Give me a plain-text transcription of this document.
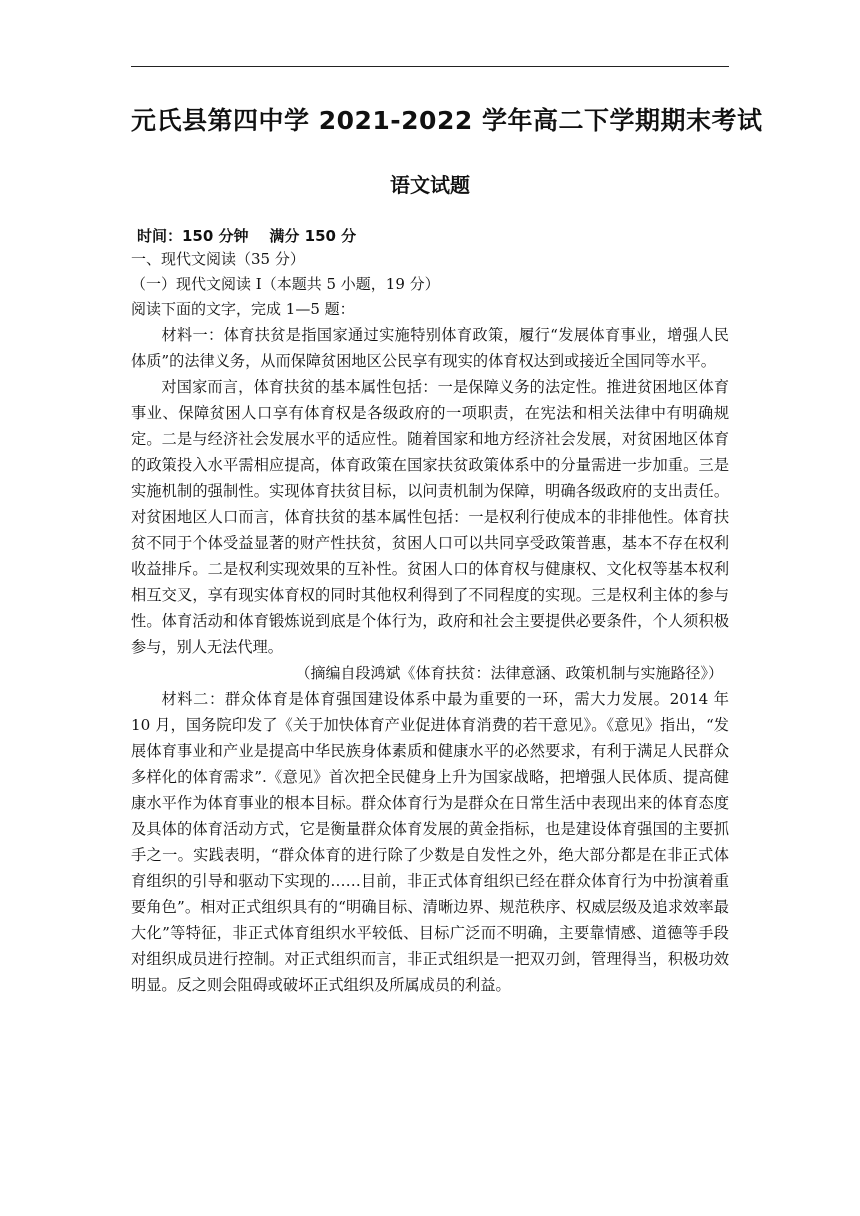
元氏县第四中学 2021-2022 学年高二下学期期末考试
语文试题
时间：150 分钟    满分 150 分
一、现代文阅读（35 分）
（一）现代文阅读 I（本题共 5 小题，19 分）
阅读下面的文字，完成 1—5 题：

材料一：体育扶贫是指国家通过实施特别体育政策，履行“发展体育事业，增强人民体质”的法律义务，从而保障贫困地区公民享有现实的体育权达到或接近全国同等水平。

对国家而言，体育扶贫的基本属性包括：一是保障义务的法定性。推进贫困地区体育事业、保障贫困人口享有体育权是各级政府的一项职责，在宪法和相关法律中有明确规定。二是与经济社会发展水平的适应性。随着国家和地方经济社会发展，对贫困地区体育的政策投入水平需相应提高，体育政策在国家扶贫政策体系中的分量需进一步加重。三是实施机制的强制性。实现体育扶贫目标，以问责机制为保障，明确各级政府的支出责任。对贫困地区人口而言，体育扶贫的基本属性包括：一是权利行使成本的非排他性。体育扶贫不同于个体受益显著的财产性扶贫，贫困人口可以共同享受政策普惠，基本不存在权利收益排斥。二是权利实现效果的互补性。贫困人口的体育权与健康权、文化权等基本权利相互交叉，享有现实体育权的同时其他权利得到了不同程度的实现。三是权利主体的参与性。体育活动和体育锻炼说到底是个体行为，政府和社会主要提供必要条件，个人须积极参与，别人无法代理。

（摘编自段鸿斌《体育扶贫：法律意涵、政策机制与实施路径》）

材料二：群众体育是体育强国建设体系中最为重要的一环，需大力发展。2014 年 10 月，国务院印发了《关于加快体育产业促进体育消费的若干意见》。《意见》指出，“发展体育事业和产业是提高中华民族身体素质和健康水平的必然要求，有利于满足人民群众多样化的体育需求”.《意见》首次把全民健身上升为国家战略，把增强人民体质、提高健康水平作为体育事业的根本目标。群众体育行为是群众在日常生活中表现出来的体育态度及具体的体育活动方式，它是衡量群众体育发展的黄金指标，也是建设体育强国的主要抓手之一。实践表明，“群众体育的进行除了少数是自发性之外，绝大部分都是在非正式体育组织的引导和驱动下实现的……目前，非正式体育组织已经在群众体育行为中扮演着重要角色”。相对正式组织具有的“明确目标、清晰边界、规范秩序、权威层级及追求效率最大化”等特征，非正式体育组织水平较低、目标广泛而不明确，主要靠情感、道德等手段对组织成员进行控制。对正式组织而言，非正式组织是一把双刃剑，管理得当，积极功效明显。反之则会阻碍或破坏正式组织及所属成员的利益。
